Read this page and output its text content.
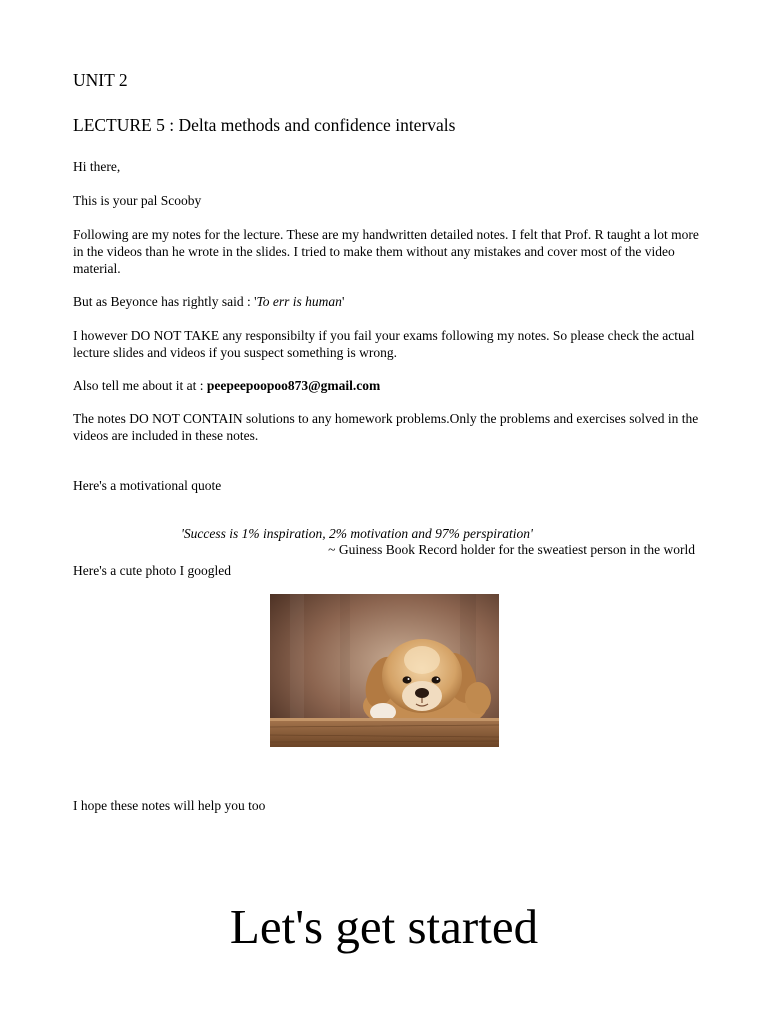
UNIT 2

LECTURE 5 : Delta methods and confidence intervals

Hi there,

This is your pal Scooby

Following are my notes for the lecture. These are my handwritten detailed notes. I felt that Prof. R taught a lot more in the videos than he wrote in the slides. I tried to make them without any mistakes and cover most of the video material.

But as Beyonce has rightly said : 'To err is human'

I however DO NOT TAKE any responsibilty if you fail your exams following my notes. So please check the actual lecture slides and videos if you suspect something is wrong.

Also tell me about it at : peepeepoopoo873@gmail.com

The notes DO NOT CONTAIN solutions to any homework problems.Only the problems and exercises solved in the videos are included in these notes.

Here's a motivational quote

'Success is 1% inspiration, 2% motivation and 97% perspiration'

~ Guiness Book Record holder for the sweatiest person in the world

Here's a cute photo I googled

I hope these notes will help you too

Let's get started
